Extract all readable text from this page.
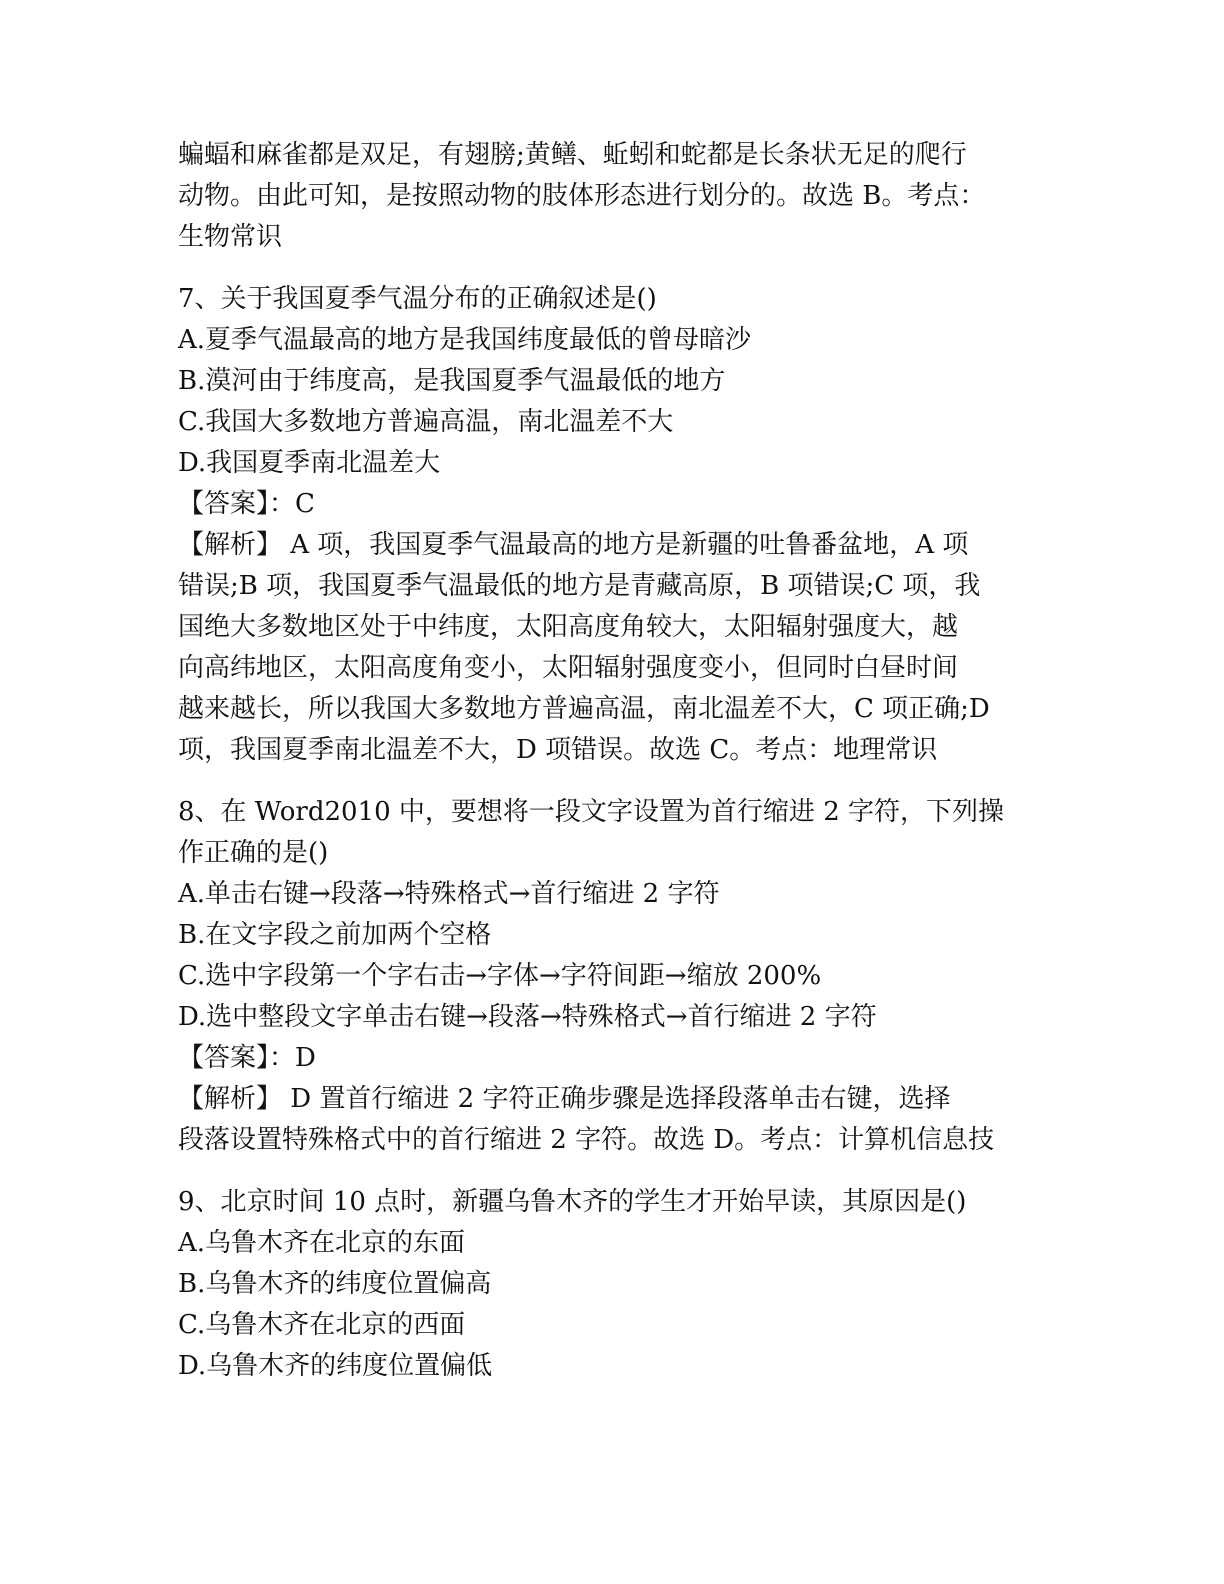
蝙蝠和麻雀都是双足，有翅膀;黄鳝、蚯蚓和蛇都是长条状无足的爬行
动物。由此可知，是按照动物的肢体形态进行划分的。故选 B。考点：
生物常识
7、关于我国夏季气温分布的正确叙述是()
A.夏季气温最高的地方是我国纬度最低的曾母暗沙
B.漠河由于纬度高，是我国夏季气温最低的地方
C.我国大多数地方普遍高温，南北温差不大
D.我国夏季南北温差大
【答案】：C
【解析】 A 项，我国夏季气温最高的地方是新疆的吐鲁番盆地，A 项
错误;B 项，我国夏季气温最低的地方是青藏高原，B 项错误;C 项，我
国绝大多数地区处于中纬度，太阳高度角较大，太阳辐射强度大，越
向高纬地区，太阳高度角变小，太阳辐射强度变小，但同时白昼时间
越来越长，所以我国大多数地方普遍高温，南北温差不大，C 项正确;D
项，我国夏季南北温差不大，D 项错误。故选 C。考点：地理常识
8、在 Word2010 中，要想将一段文字设置为首行缩进 2 字符，下列操
作正确的是()
A.单击右键→段落→特殊格式→首行缩进 2 字符
B.在文字段之前加两个空格
C.选中字段第一个字右击→字体→字符间距→缩放 200%
D.选中整段文字单击右键→段落→特殊格式→首行缩进 2 字符
【答案】：D
【解析】 D 置首行缩进 2 字符正确步骤是选择段落单击右键，选择
段落设置特殊格式中的首行缩进 2 字符。故选 D。考点：计算机信息技
9、北京时间 10 点时，新疆乌鲁木齐的学生才开始早读，其原因是()
A.乌鲁木齐在北京的东面
B.乌鲁木齐的纬度位置偏高
C.乌鲁木齐在北京的西面
D.乌鲁木齐的纬度位置偏低
